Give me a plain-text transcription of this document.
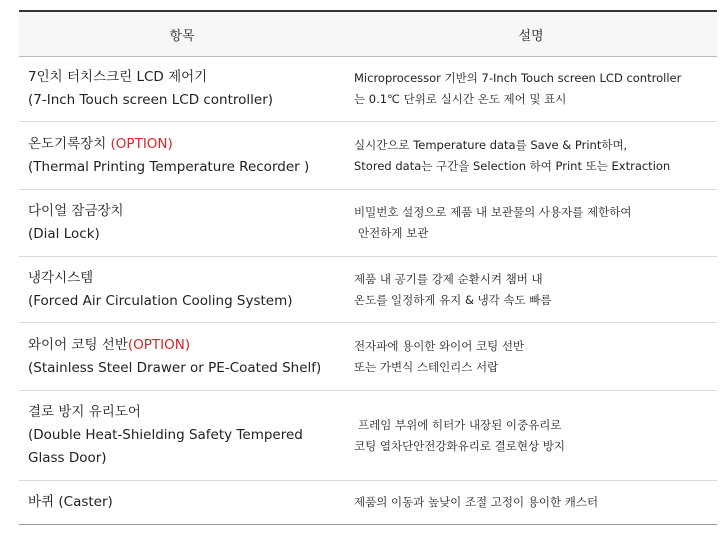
항목	설명

7인치 터치스크린 LCD 제어기
(7-Inch Touch screen LCD controller)	Microprocessor 기반의 7-Inch Touch screen LCD controller
는 0.1℃ 단위로 실시간 온도 제어 및 표시

온도기록장치 (OPTION)
(Thermal Printing Temperature Recorder )	실시간으로 Temperature data를 Save & Print하며,
Stored data는 구간을 Selection 하여 Print 또는 Extraction

다이얼 잠금장치
(Dial Lock)	비밀번호 설정으로 제품 내 보관물의 사용자를 제한하여
안전하게 보관

냉각시스템
(Forced Air Circulation Cooling System)	제품 내 공기를 강제 순환시켜 챔버 내
온도를 일정하게 유지 & 냉각 속도 빠름

와이어 코팅 선반(OPTION)
(Stainless Steel Drawer or PE-Coated Shelf)	전자파에 용이한 와이어 코팅 선반
또는 가변식 스테인리스 서랍

결로 방지 유리도어
(Double Heat-Shielding Safety Tempered
Glass Door)	프레임 부위에 히터가 내장된 이중유리로
코팅 열차단안전강화유리로 결로현상 방지

바퀴 (Caster)	제품의 이동과 높낮이 조절 고정이 용이한 캐스터
